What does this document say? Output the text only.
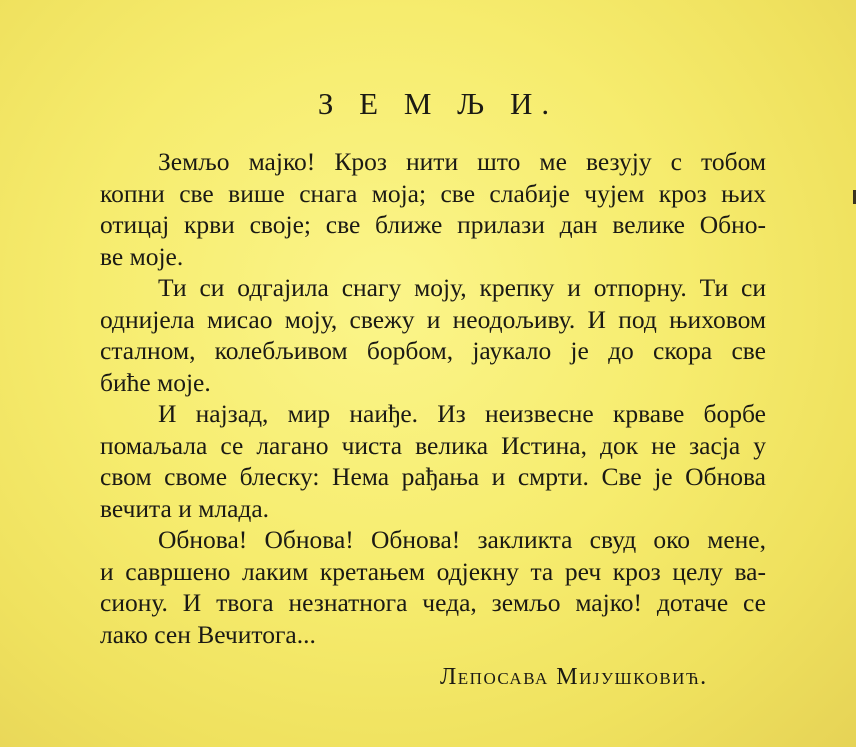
З Е М Љ И.

Земљо мајко! Кроз нити што ме везују с тобом
копни све више снага моја; све слабије чујем кроз њих
отицај крви своје; све ближе прилази дан велике Обно-
ве моје.

Ти си одгајила снагу моју, крепку и отпорну. Ти си
однијела мисао моју, свежу и неодољиву. И под њиховом
сталном, колебљивом борбом, јаукало је до скора све
биће моје.

И најзад, мир наиђе. Из неизвесне крваве борбе
помаљала се лагано чиста велика Истина, док не засја у
свом своме блеску: Нема рађања и смрти. Све је Обнова
вечита и млада.

Обнова! Обнова! Обнова! закликта свуд око мене,
и савршено лаким кретањем одјекну та реч кроз целу ва-
сиону. И твога незнатнога чеда, земљо мајко! дотаче се
лако сен Вечитога...

Лепосава Мијушковић.
